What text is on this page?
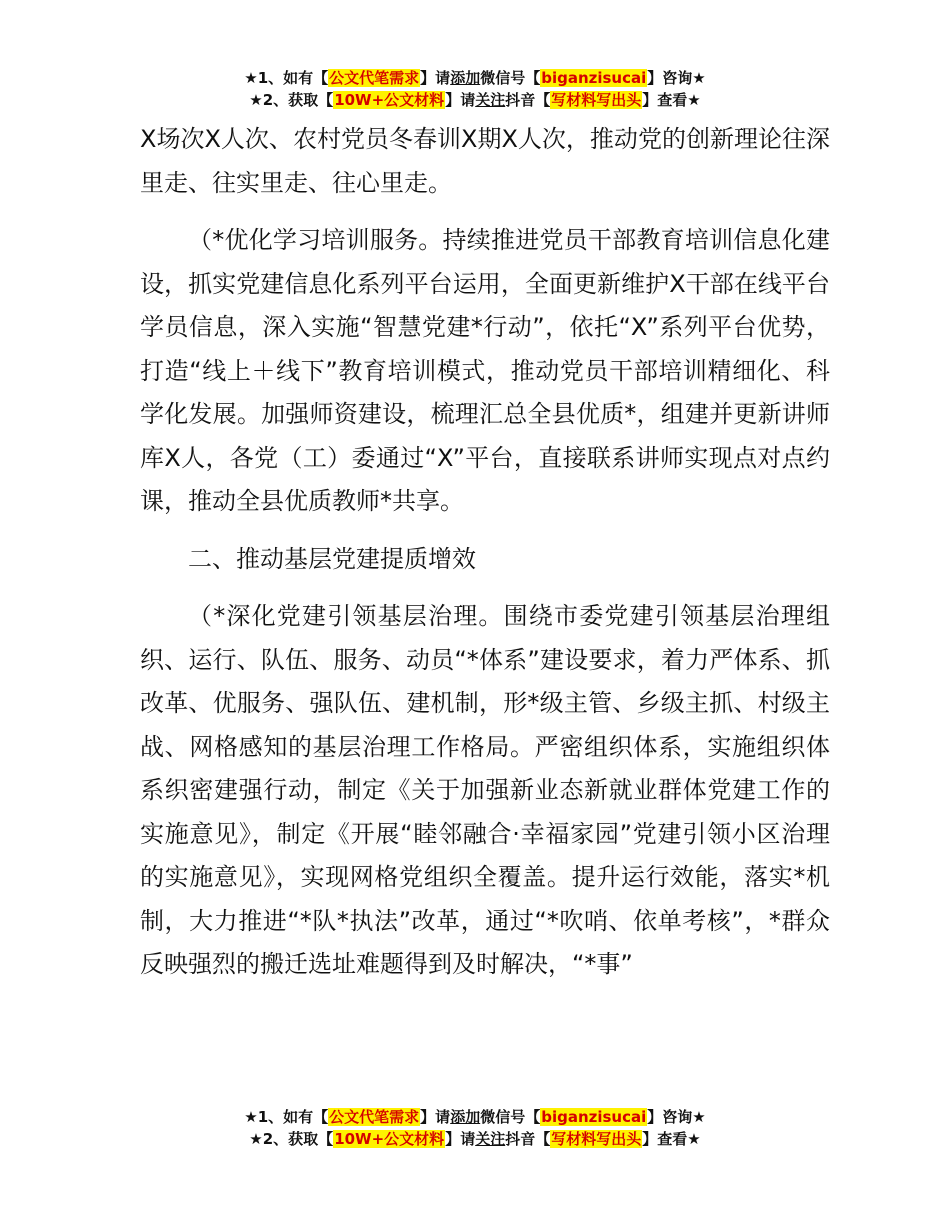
★1、如有【公文代笔需求】请添加微信号【biganzisucai】咨询★
★2、获取【10W+公文材料】请关注抖音【写材料写出头】查看★

X场次X人次、农村党员冬春训X期X人次，推动党的创新理论往深里走、往实里走、往心里走。

（*优化学习培训服务。持续推进党员干部教育培训信息化建设，抓实党建信息化系列平台运用，全面更新维护X干部在线平台学员信息，深入实施“智慧党建*行动”，依托“X”系列平台优势，打造“线上＋线下”教育培训模式，推动党员干部培训精细化、科学化发展。加强师资建设，梳理汇总全县优质*，组建并更新讲师库X人，各党（工）委通过“X”平台，直接联系讲师实现点对点约课，推动全县优质教师*共享。

二、推动基层党建提质增效

（*深化党建引领基层治理。围绕市委党建引领基层治理组织、运行、队伍、服务、动员“*体系”建设要求，着力严体系、抓改革、优服务、强队伍、建机制，形*级主管、乡级主抓、村级主战、网格感知的基层治理工作格局。严密组织体系，实施组织体系织密建强行动，制定《关于加强新业态新就业群体党建工作的实施意见》，制定《开展“睦邻融合·幸福家园”党建引领小区治理的实施意见》，实现网格党组织全覆盖。提升运行效能，落实*机制，大力推进“*队*执法”改革，通过“*吹哨、依单考核”，*群众反映强烈的搬迁选址难题得到及时解决，“*事”

★1、如有【公文代笔需求】请添加微信号【biganzisucai】咨询★
★2、获取【10W+公文材料】请关注抖音【写材料写出头】查看★
